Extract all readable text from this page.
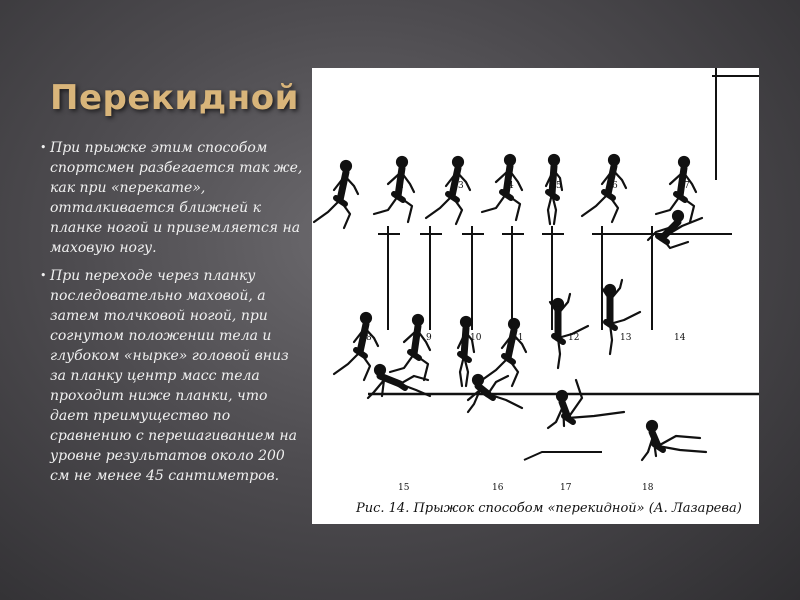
Перекидной
• При прыжке этим способом спортсмен разбегается так же, как при «перекате», отталкивается ближней к планке ногой и приземляется на маховую ногу.
• При переходе через планку последовательно маховой, а затем толчковой ногой, при согнутом положении тела и глубоком «нырке» головой вниз за планку центр масс тела проходит ниже планки, что дает преимущество по сравнению с перешагиванием на уровне результатов около 200 см не менее 45 сантиметров.
1	2	3	4	5	6	7
8	9	10	11	12	13	14
15	16	17	18
Рис. 14. Прыжок способом «перекидной» (А. Лазарева)
